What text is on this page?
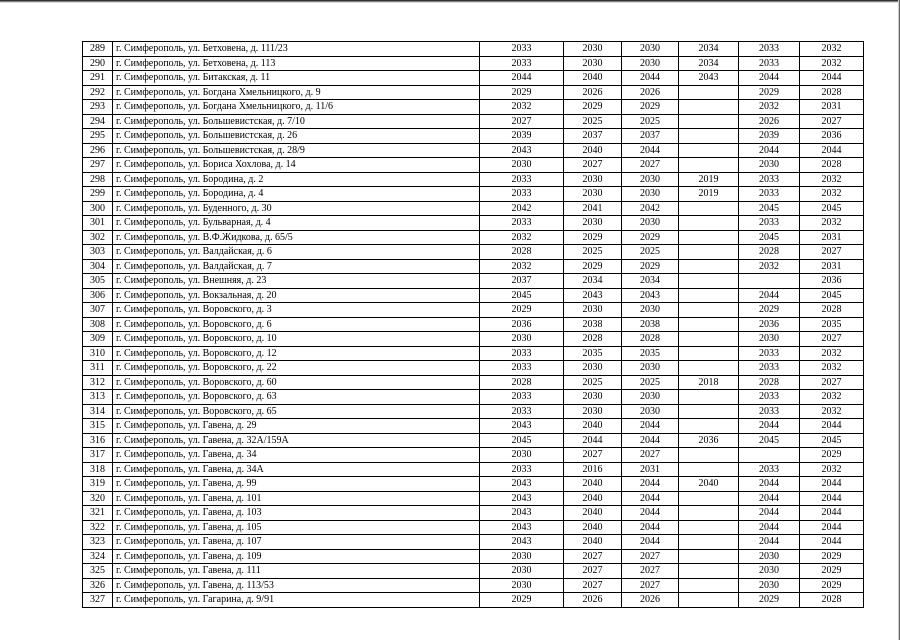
289	г. Симферополь, ул. Бетховена, д. 111/23	2033	2030	2030	2034	2033	2032
290	г. Симферополь, ул. Бетховена, д. 113	2033	2030	2030	2034	2033	2032
291	г. Симферополь, ул. Битакская, д. 11	2044	2040	2044	2043	2044	2044
292	г. Симферополь, ул. Богдана Хмельницкого, д. 9	2029	2026	2026		2029	2028
293	г. Симферополь, ул. Богдана Хмельницкого, д. 11/6	2032	2029	2029		2032	2031
294	г. Симферополь, ул. Большевистская, д. 7/10	2027	2025	2025		2026	2027
295	г. Симферополь, ул. Большевистская, д. 26	2039	2037	2037		2039	2036
296	г. Симферополь, ул. Большевистская, д. 28/9	2043	2040	2044		2044	2044
297	г. Симферополь, ул. Бориса Хохлова, д. 14	2030	2027	2027		2030	2028
298	г. Симферополь, ул. Бородина, д. 2	2033	2030	2030	2019	2033	2032
299	г. Симферополь, ул. Бородина, д. 4	2033	2030	2030	2019	2033	2032
300	г. Симферополь, ул. Буденного, д. 30	2042	2041	2042		2045	2045
301	г. Симферополь, ул. Бульварная, д. 4	2033	2030	2030		2033	2032
302	г. Симферополь, ул. В.Ф.Жидкова, д. 65/5	2032	2029	2029		2045	2031
303	г. Симферополь, ул. Валдайская, д. 6	2028	2025	2025		2028	2027
304	г. Симферополь, ул. Валдайская, д. 7	2032	2029	2029		2032	2031
305	г. Симферополь, ул. Внешняя, д. 23	2037	2034	2034			2036
306	г. Симферополь, ул. Вокзальная, д. 20	2045	2043	2043		2044	2045
307	г. Симферополь, ул. Воровского, д. 3	2029	2030	2030		2029	2028
308	г. Симферополь, ул. Воровского, д. 6	2036	2038	2038		2036	2035
309	г. Симферополь, ул. Воровского, д. 10	2030	2028	2028		2030	2027
310	г. Симферополь, ул. Воровского, д. 12	2033	2035	2035		2033	2032
311	г. Симферополь, ул. Воровского, д. 22	2033	2030	2030		2033	2032
312	г. Симферополь, ул. Воровского, д. 60	2028	2025	2025	2018	2028	2027
313	г. Симферополь, ул. Воровского, д. 63	2033	2030	2030		2033	2032
314	г. Симферополь, ул. Воровского, д. 65	2033	2030	2030		2033	2032
315	г. Симферополь, ул. Гавена, д. 29	2043	2040	2044		2044	2044
316	г. Симферополь, ул. Гавена, д. 32А/159А	2045	2044	2044	2036	2045	2045
317	г. Симферополь, ул. Гавена, д. 34	2030	2027	2027			2029
318	г. Симферополь, ул. Гавена, д. 34А	2033	2016	2031		2033	2032
319	г. Симферополь, ул. Гавена, д. 99	2043	2040	2044	2040	2044	2044
320	г. Симферополь, ул. Гавена, д. 101	2043	2040	2044		2044	2044
321	г. Симферополь, ул. Гавена, д. 103	2043	2040	2044		2044	2044
322	г. Симферополь, ул. Гавена, д. 105	2043	2040	2044		2044	2044
323	г. Симферополь, ул. Гавена, д. 107	2043	2040	2044		2044	2044
324	г. Симферополь, ул. Гавена, д. 109	2030	2027	2027		2030	2029
325	г. Симферополь, ул. Гавена, д. 111	2030	2027	2027		2030	2029
326	г. Симферополь, ул. Гавена, д. 113/53	2030	2027	2027		2030	2029
327	г. Симферополь, ул. Гагарина, д. 9/91	2029	2026	2026		2029	2028
